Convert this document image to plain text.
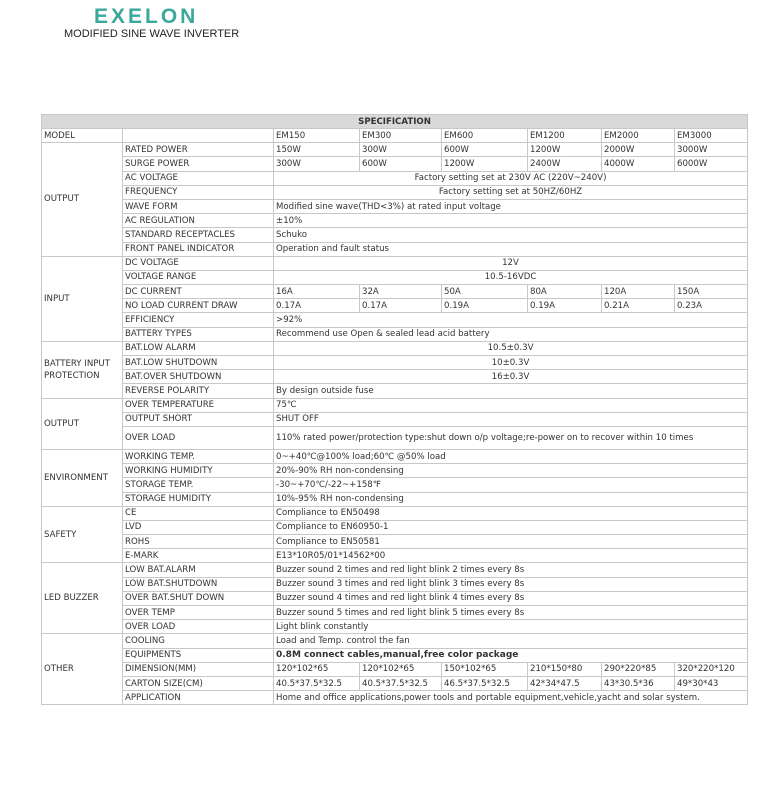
EXELON
MODIFIED SINE WAVE INVERTER
SPECIFICATION							
MODEL		EM150	EM300	EM600	EM1200	EM2000	EM3000
OUTPUT	RATED POWER	150W	300W	600W	1200W	2000W	3000W
	SURGE POWER	300W	600W	1200W	2400W	4000W	6000W
	AC VOLTAGE	Factory setting set at 230V AC (220V~240V)					
	FREQUENCY	Factory setting set at 50HZ/60HZ					
	WAVE FORM	Modified sine wave(THD<3%) at rated input voltage					
	AC REGULATION	±10%					
	STANDARD RECEPTACLES	Schuko					
	FRONT PANEL INDICATOR	Operation and fault status					
INPUT	DC VOLTAGE	12V					
	VOLTAGE RANGE	10.5-16VDC					
	DC CURRENT	16A	32A	50A	80A	120A	150A
	NO LOAD CURRENT DRAW	0.17A	0.17A	0.19A	0.19A	0.21A	0.23A
	EFFICIENCY	>92%					
	BATTERY TYPES	Recommend use Open & sealed lead acid battery					
BATTERY INPUT
PROTECTION	BAT.LOW ALARM	10.5±0.3V					
	BAT.LOW SHUTDOWN	10±0.3V					
	BAT.OVER SHUTDOWN	16±0.3V					
	REVERSE POLARITY	By design outside fuse					
OUTPUT	OVER TEMPERATURE	75℃					
	OUTPUT SHORT	SHUT OFF					
	OVER LOAD	110% rated power/protection type:shut down o/p voltage;re-power on to recover within 10 times					
ENVIRONMENT	WORKING TEMP.	0~+40℃@100% load;60℃ @50% load					
	WORKING HUMIDITY	20%-90% RH non-condensing					
	STORAGE TEMP.	-30~+70℃/-22~+158℉					
	STORAGE HUMIDITY	10%-95% RH non-condensing					
SAFETY	CE	Compliance to EN50498					
	LVD	Compliance to EN60950-1					
	ROHS	Compliance to EN50581					
	E-MARK	E13*10R05/01*14562*00					
LED BUZZER	LOW BAT.ALARM	Buzzer sound 2 times and red light blink 2 times every 8s					
	LOW BAT.SHUTDOWN	Buzzer sound 3 times and red light blink 3 times every 8s					
	OVER BAT.SHUT DOWN	Buzzer sound 4 times and red light blink 4 times every 8s					
	OVER TEMP	Buzzer sound 5 times and red light blink 5 times every 8s					
	OVER LOAD	Light blink constantly					
OTHER	COOLING	Load and Temp. control the fan					
	EQUIPMENTS	0.8M connect cables,manual,free color package					
	DIMENSION(MM)	120*102*65	120*102*65	150*102*65	210*150*80	290*220*85	320*220*120
	CARTON SIZE(CM)	40.5*37.5*32.5	40.5*37.5*32.5	46.5*37.5*32.5	42*34*47.5	43*30.5*36	49*30*43
	APPLICATION	Home and office applications,power tools and portable equipment,vehicle,yacht and solar system.					
